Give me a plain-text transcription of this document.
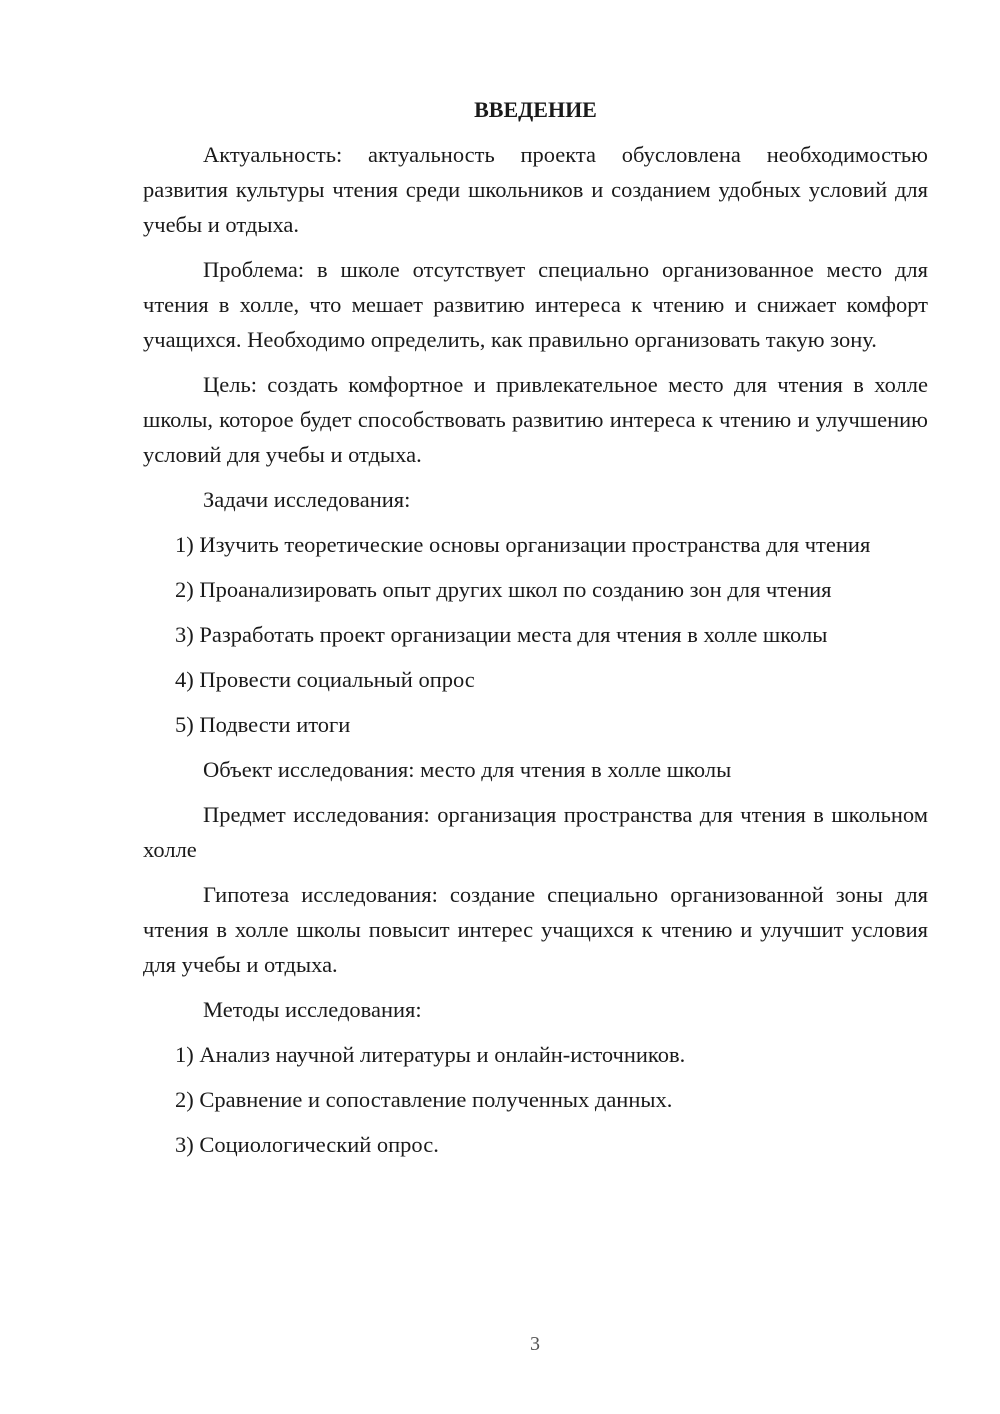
ВВЕДЕНИЕ

Актуальность: актуальность проекта обусловлена необходимостью развития культуры чтения среди школьников и созданием удобных условий для учебы и отдыха.

Проблема: в школе отсутствует специально организованное место для чтения в холле, что мешает развитию интереса к чтению и снижает комфорт учащихся. Необходимо определить, как правильно организовать такую зону.

Цель: создать комфортное и привлекательное место для чтения в холле школы, которое будет способствовать развитию интереса к чтению и улучшению условий для учебы и отдыха.

Задачи исследования:

1) Изучить теоретические основы организации пространства для чтения

2) Проанализировать опыт других школ по созданию зон для чтения

3) Разработать проект организации места для чтения в холле школы

4) Провести социальный опрос

5) Подвести итоги

Объект исследования: место для чтения в холле школы

Предмет исследования: организация пространства для чтения в школьном холле

Гипотеза исследования: создание специально организованной зоны для чтения в холле школы повысит интерес учащихся к чтению и улучшит условия для учебы и отдыха.

Методы исследования:

1) Анализ научной литературы и онлайн-источников.

2) Сравнение и сопоставление полученных данных.

3) Социологический опрос.

3
